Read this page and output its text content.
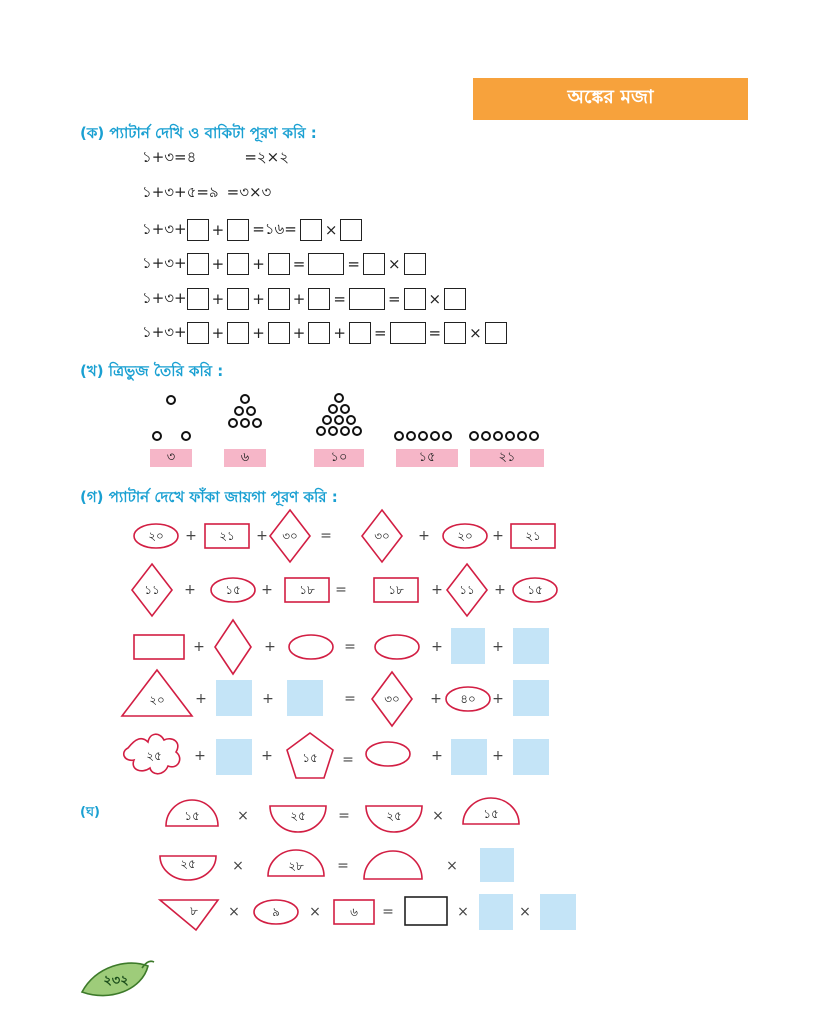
অঙ্কের মজা
(ক) প্যাটার্ন দেখি ও বাকিটা পূরণ করি :
১+৩=৪	=২×২
১+৩+৫=৯ =৩×৩
১+৩+ + =১৬= ×
১+৩+ + + =	= ×
১+৩+ + + + =	= ×
১+৩+ + + + + =	= ×
(খ) ত্রিভুজ তৈরি করি :
৩	৬	১০	১৫	২১
(গ) প্যাটার্ন দেখে ফাঁকা জায়গা পূরণ করি :
২০ + ২১ + ৩০ =	৩০ + ২০ + ২১
১১ + ১৫ + ১৮ =	১৮ + ১১ + ১৫
+	+	=	+	+
২০ +	+	= ৩০ + ৪০ +
২৫ +	+ ১৫ =	+	+
১৫	×	২৫ =	২৫ ×	১৫
২৫	×	২৮ =	×
৮ ×	৯ × ৬ =	×	×
২৩২
(ঘ)
